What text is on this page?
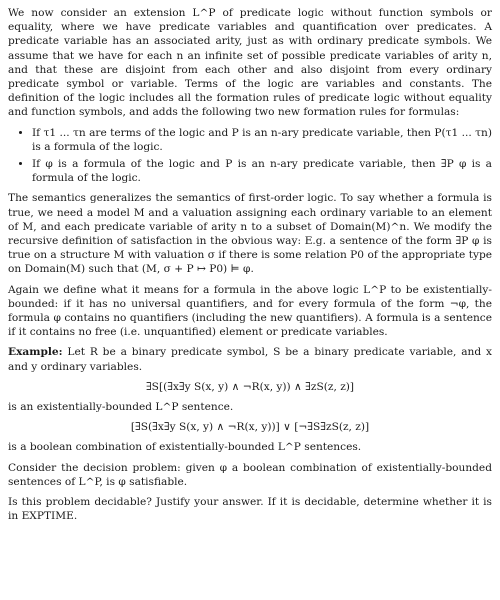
We now consider an extension L^P of predicate logic without function symbols or equality, where we have predicate variables and quantification over predicates. A predicate variable has an associated arity, just as with ordinary predicate symbols. We assume that we have for each n an infinite set of possible predicate variables of arity n, and that these are disjoint from each other and also disjoint from every ordinary predicate symbol or variable. Terms of the logic are variables and constants. The definition of the logic includes all the formation rules of predicate logic without equality and function symbols, and adds the following two new formation rules for formulas:

• If τ1 ... τn are terms of the logic and P is an n-ary predicate variable, then P(τ1 ... τn) is a formula of the logic.
• If φ is a formula of the logic and P is an n-ary predicate variable, then ∃P φ is a formula of the logic.

The semantics generalizes the semantics of first-order logic. To say whether a formula is true, we need a model M and a valuation assigning each ordinary variable to an element of M, and each predicate variable of arity n to a subset of Domain(M)^n. We modify the recursive definition of satisfaction in the obvious way: E.g. a sentence of the form ∃P φ is true on a structure M with valuation σ if there is some relation P0 of the appropriate type on Domain(M) such that (M, σ + P ↦ P0) ⊨ φ.

Again we define what it means for a formula in the above logic L^P to be existentially-bounded: if it has no universal quantifiers, and for every formula of the form ¬φ, the formula φ contains no quantifiers (including the new quantifiers). A formula is a sentence if it contains no free (i.e. unquantified) element or predicate variables.

Example: Let R be a binary predicate symbol, S be a binary predicate variable, and x and y ordinary variables.

∃S[(∃x∃y S(x, y) ∧ ¬R(x, y)) ∧ ∃zS(z, z)]

is an existentially-bounded L^P sentence.

[∃S(∃x∃y S(x, y) ∧ ¬R(x, y))] ∨ [¬∃S∃zS(z, z)]

is a boolean combination of existentially-bounded L^P sentences.

Consider the decision problem: given φ a boolean combination of existentially-bounded sentences of L^P, is φ satisfiable.

Is this problem decidable? Justify your answer. If it is decidable, determine whether it is in EXPTIME.
